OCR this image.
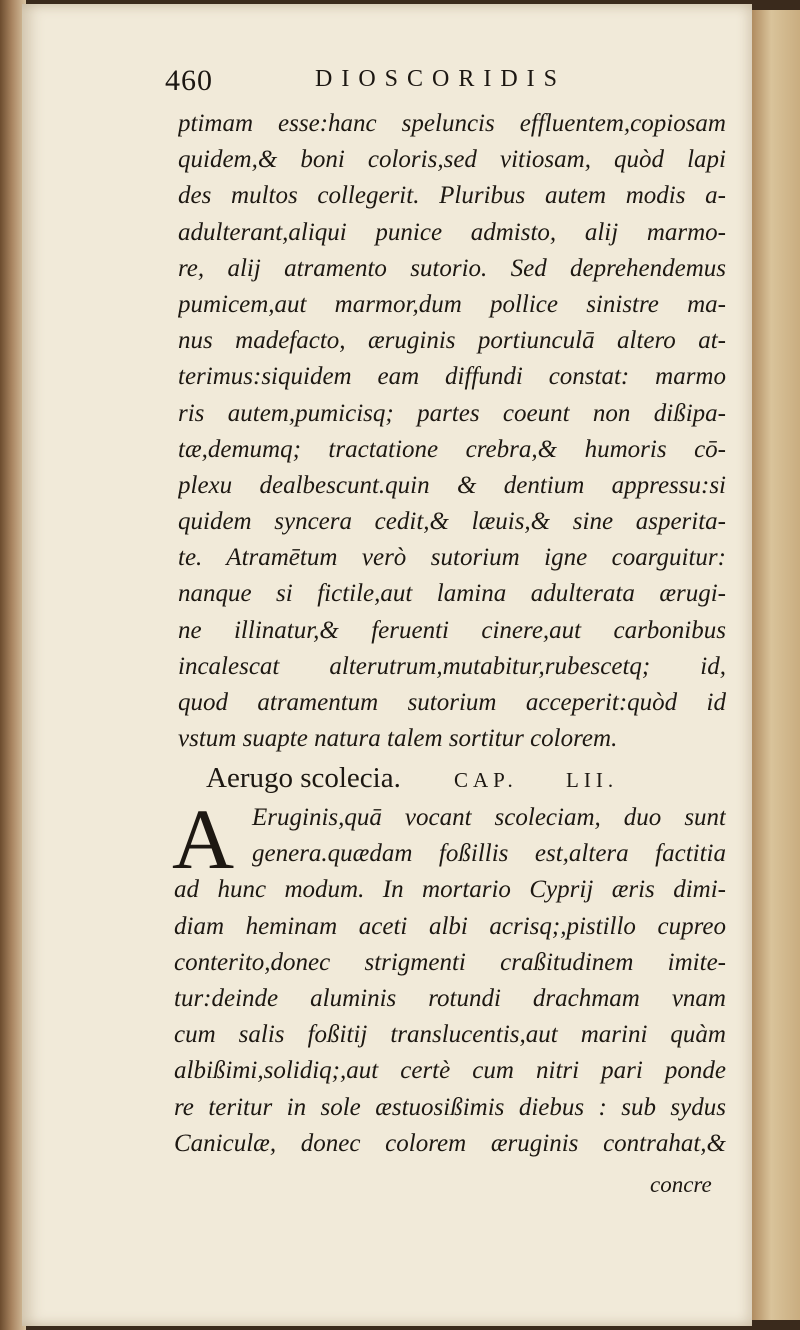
460	DIOSCORIDIS
ptimam esse:hanc speluncis effluentem,copiosam
quidem,& boni coloris,sed vitiosam, quòd lapi
des multos collegerit. Pluribus autem modis a-
adulterant,aliqui punice admisto, alij marmo-
re, alij atramento sutorio. Sed deprehendemus
pumicem,aut marmor,dum pollice sinistre ma-
nus madefacto, æruginis portiunculā altero at-
terimus:siquidem eam diffundi constat: marmo
ris autem,pumicisq; partes coeunt non dißipa-
tæ,demumq; tractatione crebra,& humoris cō-
plexu dealbescunt.quin & dentium appressu:si
quidem syncera cedit,& læuis,& sine asperita-
te. Atramētum verò sutorium igne coarguitur:
nanque si fictile,aut lamina adulterata ærugi-
ne illinatur,& feruenti cinere,aut carbonibus
incalescat alterutrum,mutabitur,rubescetq; id,
quod atramentum sutorium acceperit:quòd id
vstum suapte natura talem sortitur colorem.
Aerugo scolecia.	CAP. LII.
A Eruginis,quā vocant scoleciam, duo sunt
genera.quædam foßillis est,altera factitia
ad hunc modum. In mortario Cyprij æris dimi-
diam heminam aceti albi acrisq;,pistillo cupreo
conterito,donec strigmenti craßitudinem imite-
tur:deinde aluminis rotundi drachmam vnam
cum salis foßitij translucentis,aut marini quàm
albißimi,solidiq;,aut certè cum nitri pari ponde
re teritur in sole æstuosißimis diebus : sub sydus
Caniculæ, donec colorem æruginis contrahat,&
concre
